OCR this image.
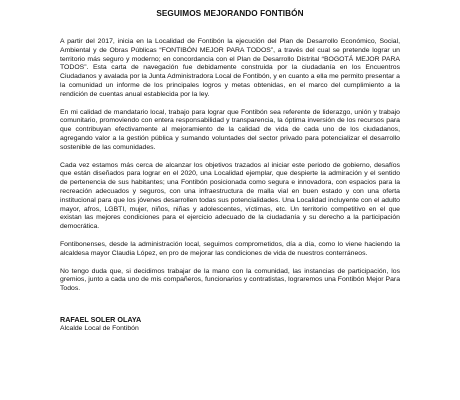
SEGUIMOS MEJORANDO FONTIBÓN

A partir del 2017, inicia en la Localidad de Fontibón la ejecución del Plan de Desarrollo Económico, Social, Ambiental y de Obras Públicas “FONTIBÓN MEJOR PARA TODOS”, a través del cual se pretende lograr un territorio más seguro y moderno; en concordancia con el Plan de Desarrollo Distrital “BOGOTÁ MEJOR PARA TODOS”. Esta carta de navegación fue debidamente construida por la ciudadanía en los Encuentros Ciudadanos y avalada por la Junta Administradora Local de Fontibón, y en cuanto a ella me permito presentar a la comunidad un informe de los principales logros y metas obtenidas, en el marco del cumplimiento a la rendición de cuentas anual establecida por la ley.

En mi calidad de mandatario local, trabajo para lograr que Fontibón sea referente de liderazgo, unión y trabajo comunitario, promoviendo con entera responsabilidad y transparencia, la óptima inversión de los recursos para que contribuyan efectivamente al mejoramiento de la calidad de vida de cada uno de los ciudadanos, agregando valor a la gestión pública y sumando voluntades del sector privado para potencializar el desarrollo sostenible de las comunidades.

Cada vez estamos más cerca de alcanzar los objetivos trazados al iniciar este periodo de gobierno, desafíos que están diseñados para lograr en el 2020, una Localidad ejemplar, que despierte la admiración y el sentido de pertenencia de sus habitantes; una Fontibón posicionada como segura e innovadora, con espacios para la recreación adecuados y seguros, con una infraestructura de malla vial en buen estado y con una oferta institucional para que los jóvenes desarrollen todas sus potencialidades. Una Localidad incluyente con el adulto mayor, afros, LGBTI, mujer, niños, niñas y adolescentes, víctimas, etc. Un territorio competitivo en el que existan las mejores condiciones para el ejercicio adecuado de la ciudadanía y su derecho a la participación democrática.

Fontibonenses, desde la administración local, seguimos comprometidos, día a día, como lo viene haciendo la alcaldesa mayor Claudia López, en pro de mejorar las condiciones de vida de nuestros conterráneos.

No tengo duda que, si decidimos trabajar de la mano con la comunidad, las instancias de participación, los gremios, junto a cada uno de mis compañeros, funcionarios y contratistas, lograremos una Fontibón Mejor Para Todos.

RAFAEL SOLER OLAYA
Alcalde Local de Fontibón
